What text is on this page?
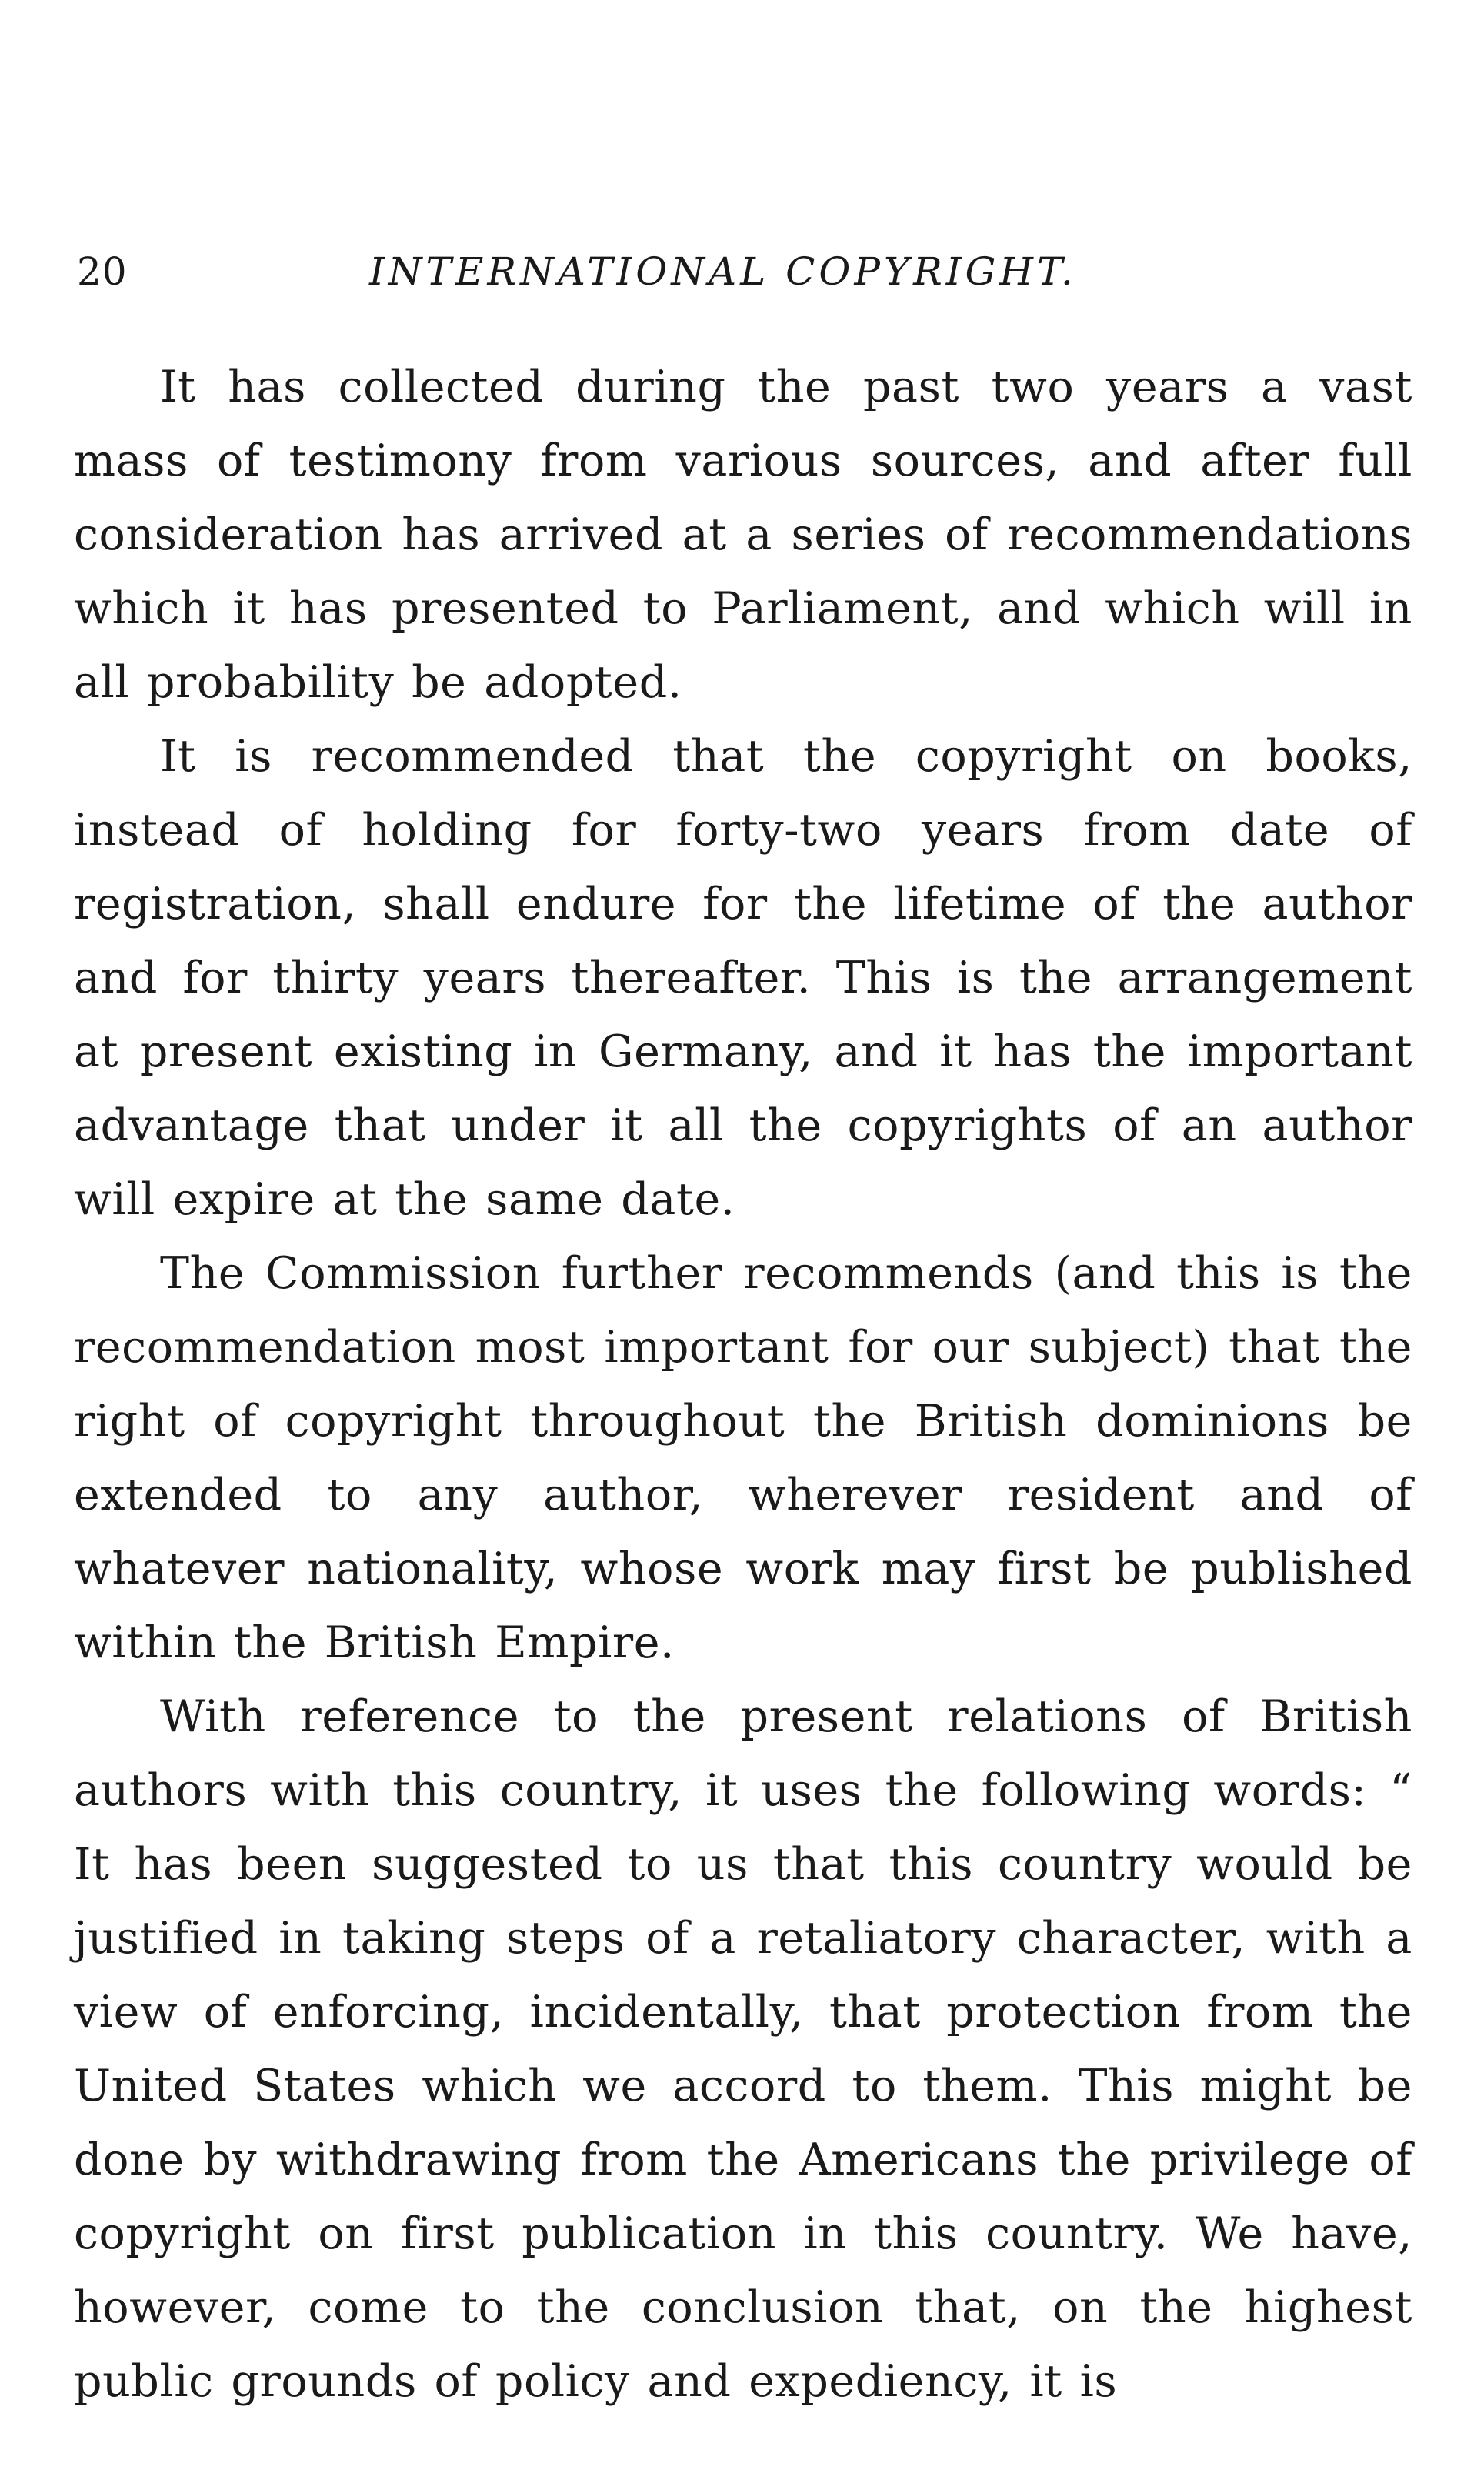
20	INTERNATIONAL COPYRIGHT.

It has collected during the past two years a vast mass of testimony from various sources, and after full consideration has arrived at a series of recommendations which it has presented to Parliament, and which will in all probability be adopted.

It is recommended that the copyright on books, instead of holding for forty-two years from date of registration, shall endure for the lifetime of the author and for thirty years thereafter. This is the arrangement at present existing in Germany, and it has the important advantage that under it all the copyrights of an author will expire at the same date.

The Commission further recommends (and this is the recommendation most important for our subject) that the right of copyright throughout the British dominions be extended to any author, wherever resident and of whatever nationality, whose work may first be published within the British Empire.

With reference to the present relations of British authors with this country, it uses the following words: “ It has been suggested to us that this country would be justified in taking steps of a retaliatory character, with a view of enforcing, incidentally, that protection from the United States which we accord to them. This might be done by withdrawing from the Americans the privilege of copyright on first publication in this country. We have, however, come to the conclusion that, on the highest public grounds of policy and expediency, it is
